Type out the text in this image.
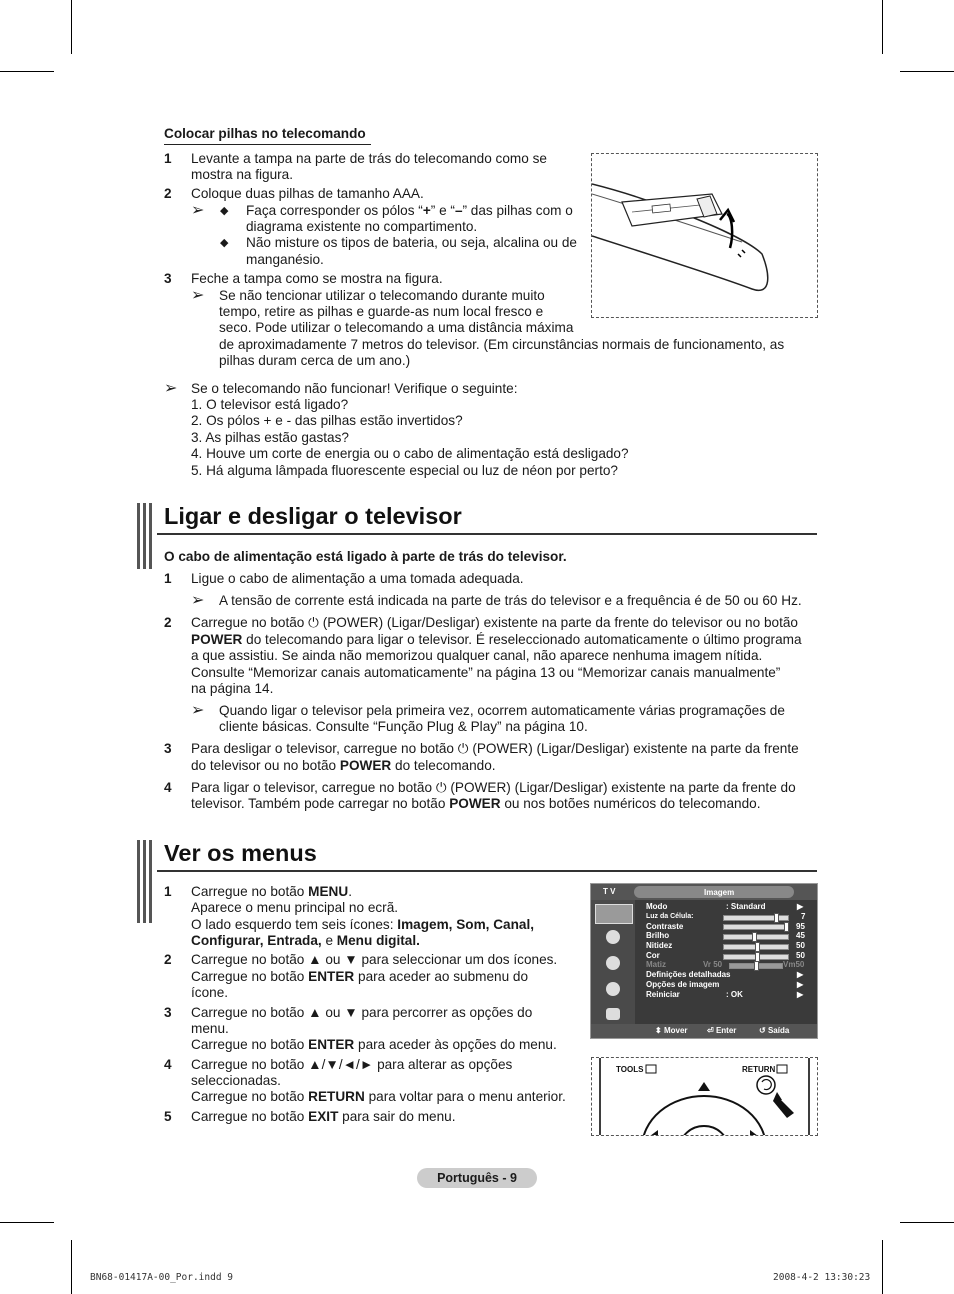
Colocar pilhas no telecomando
1 Levante a tampa na parte de trás do telecomando como se
mostra na figura.
2 Coloque duas pilhas de tamanho AAA.
➢ ◆ Faça corresponder os pólos “+” e “–” das pilhas com o
diagrama existente no compartimento.
◆ Não misture os tipos de bateria, ou seja, alcalina ou de
manganésio.
3 Feche a tampa como se mostra na figura.
➢ Se não tencionar utilizar o telecomando durante muito
tempo, retire as pilhas e guarde-as num local fresco e
seco. Pode utilizar o telecomando a uma distância máxima
de aproximadamente 7 metros do televisor. (Em circunstâncias normais de funcionamento, as
pilhas duram cerca de um ano.)
➢ Se o telecomando não funcionar! Verifique o seguinte:
1. O televisor está ligado?
2. Os pólos + e - das pilhas estão invertidos?
3. As pilhas estão gastas?
4. Houve um corte de energia ou o cabo de alimentação está desligado?
5. Há alguma lâmpada fluorescente especial ou luz de néon por perto?
Ligar e desligar o televisor
O cabo de alimentação está ligado à parte de trás do televisor.
1 Ligue o cabo de alimentação a uma tomada adequada.
➢ A tensão de corrente está indicada na parte de trás do televisor e a frequência é de 50 ou 60 Hz.
2 Carregue no botão ⏻ (POWER) (Ligar/Desligar) existente na parte da frente do televisor ou no botão
POWER do telecomando para ligar o televisor. É reseleccionado automaticamente o último programa
a que assistiu. Se ainda não memorizou qualquer canal, não aparece nenhuma imagem nítida.
Consulte “Memorizar canais automaticamente” na página 13 ou “Memorizar canais manualmente”
na página 14.
➢ Quando ligar o televisor pela primeira vez, ocorrem automaticamente várias programações de
cliente básicas. Consulte “Função Plug & Play” na página 10.
3 Para desligar o televisor, carregue no botão ⏻ (POWER) (Ligar/Desligar) existente na parte da frente
do televisor ou no botão POWER do telecomando.
4 Para ligar o televisor, carregue no botão ⏻ (POWER) (Ligar/Desligar) existente na parte da frente do
televisor. Também pode carregar no botão POWER ou nos botões numéricos do telecomando.
Ver os menus
1 Carregue no botão MENU.
Aparece o menu principal no ecrã.
O lado esquerdo tem seis ícones: Imagem, Som, Canal,
Configurar, Entrada, e Menu digital.
2 Carregue no botão ▲ ou ▼ para seleccionar um dos ícones.
Carregue no botão ENTER para aceder ao submenu do
ícone.
3 Carregue no botão ▲ ou ▼ para percorrer as opções do
menu.
Carregue no botão ENTER para aceder às opções do menu.
4 Carregue no botão ▲/▼/◄/► para alterar as opções
seleccionadas.
Carregue no botão RETURN para voltar para o menu anterior.
5 Carregue no botão EXIT para sair do menu.
T V	Imagem
Modo	: Standard	▶
Luz da Célula:	7
Contraste	95
Brilho	45
Nitidez	50
Cor	50
Matiz	Vr 50	Vm50
Definições detalhadas	▶
Opções de imagem	▶
Reiniciar	: OK	▶
⬍ Mover ⏎ Enter	↺ Saída
TOOLS	RETURN
Português - 9
BN68-01417A-00_Por.indd 9	2008-4-2 13:30:23
